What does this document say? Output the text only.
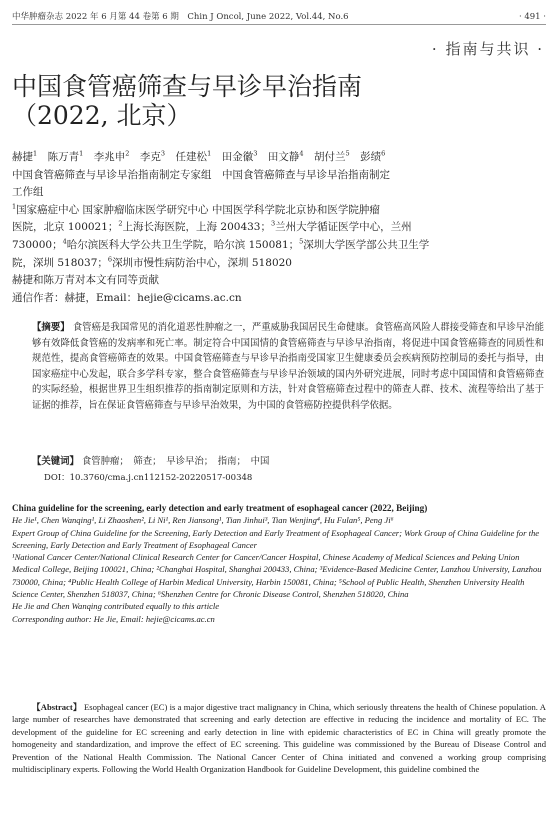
中华肿瘤杂志 2022 年 6 月第 44 卷第 6 期　Chin J Oncol, June 2022, Vol.44, No.6	· 491 ·
· 指南与共识 ·
中国食管癌筛查与早诊早治指南
（2022, 北京）
赫捷$^1$　陈万青$^1$　李兆申$^2$　李克$^3$　任建松$^1$　田金徽$^3$　田文静$^4$　胡付兰$^5$　彭绩$^6$
中国食管癌筛查与早诊早治指南制定专家组　中国食管癌筛查与早诊早治指南制定
工作组
$^1$国家癌症中心 国家肿瘤临床医学研究中心 中国医学科学院北京协和医学院肿瘤
医院，北京 100021；$^2$上海长海医院，上海 200433；$^3$兰州大学循证医学中心，兰州
730000；$^4$哈尔滨医科大学公共卫生学院，哈尔滨 150081；$^5$深圳大学医学部公共卫生学
院，深圳 518037；$^6$深圳市慢性病防治中心，深圳 518020
赫捷和陈万青对本文有同等贡献
通信作者：赫捷，Email：hejie@cicams.ac.cn
【摘要】 食管癌是我国常见的消化道恶性肿瘤之一，严重威胁我国居民生命健康。食管癌高风险人群接受筛查和早诊早治能够有效降低食管癌的发病率和死亡率。制定符合中国国情的食管癌筛查与早诊早治指南，将促进中国食管癌筛查的同质性和规范性，提高食管癌筛查的效果。中国食管癌筛查与早诊早治指南受国家卫生健康委员会疾病预防控制局的委托与指导，由国家癌症中心发起，联合多学科专家，整合食管癌筛查与早诊早治领域的国内外研究进展，同时考虑中国国情和食管癌筛查的实际经验，根据世界卫生组织推荐的指南制定原则和方法，针对食管癌筛查过程中的筛查人群、技术、流程等给出了基于证据的推荐，旨在保证食管癌筛查与早诊早治效果，为中国的食管癌防控提供科学依据。
【关键词】 食管肿瘤；　筛查；　早诊早治；　指南；　中国
DOI：10.3760/cma.j.cn112152-20220517-00348

China guideline for the screening, early detection and early treatment of esophageal cancer (2022, Beijing)

He Jie¹, Chen Wanqing¹, Li Zhaoshen², Li Ni¹, Ren Jiansong¹, Tian Jinhui³, Tian Wenjing⁴, Hu Fulan⁵, Peng Ji⁶

Expert Group of China Guideline for the Screening, Early Detection and Early Treatment of Esophageal Cancer; Work Group of China Guideline for the Screening, Early Detection and Early Treatment of Esophageal Cancer

¹National Cancer Center/National Clinical Research Center for Cancer/Cancer Hospital, Chinese Academy of Medical Sciences and Peking Union Medical College, Beijing 100021, China; ²Changhai Hospital, Shanghai 200433, China; ³Evidence-Based Medicine Center, Lanzhou University, Lanzhou 730000, China; ⁴Public Health College of Harbin Medical University, Harbin 150081, China; ⁵School of Public Health, Shenzhen University Health Science Center, Shenzhen 518037, China; ⁶Shenzhen Centre for Chronic Disease Control, Shenzhen 518020, China

He Jie and Chen Wanqing contributed equally to this article

Corresponding author: He Jie, Email: hejie@cicams.ac.cn

【Abstract】 Esophageal cancer (EC) is a major digestive tract malignancy in China, which seriously threatens the health of Chinese population. A large number of researches have demonstrated that screening and early detection are effective in reducing the incidence and mortality of EC. The development of the guideline for EC screening and early detection in line with epidemic characteristics of EC in China will greatly promote the homogeneity and standardization, and improve the effect of EC screening. This guideline was commissioned by the Bureau of Disease Control and Prevention of the National Health Commission. The National Cancer Center of China initiated and convened a working group comprising multidisciplinary experts. Following the World Health Organization Handbook for Guideline Development, this guideline combined the
